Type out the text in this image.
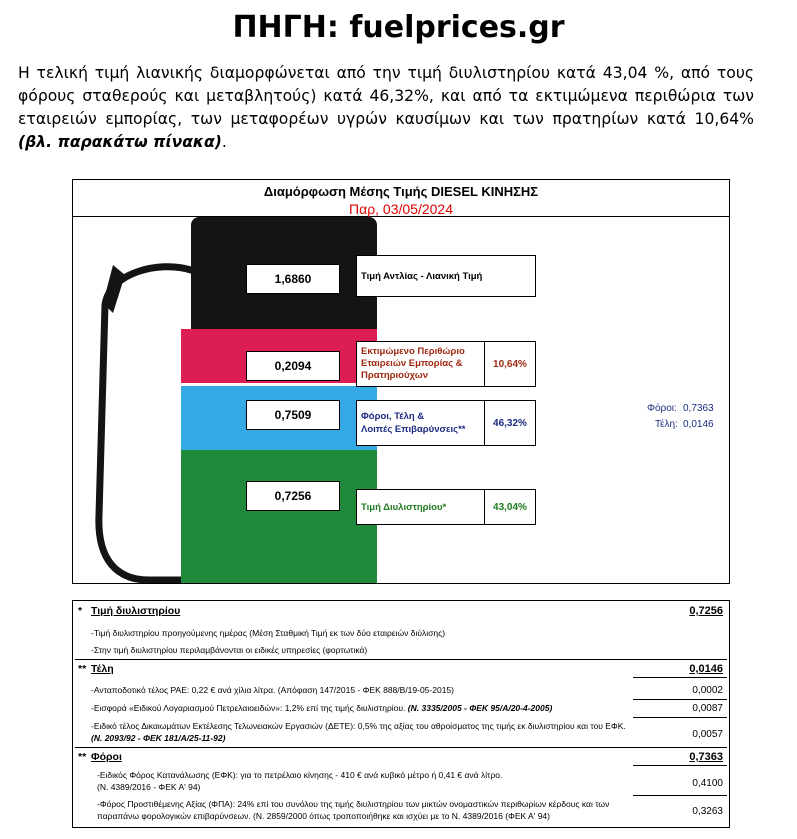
ΠΗΓΗ: fuelprices.gr
Η τελική τιμή λιανικής διαμορφώνεται από την τιμή διυλιστηρίου κατά 43,04 %, από τους φόρους σταθερούς και μεταβλητούς) κατά 46,32%, και από τα εκτιμώμενα περιθώρια των εταιρειών εμπορίας, των μεταφορέων υγρών καυσίμων και των πρατηρίων κατά 10,64% (βλ. παρακάτω πίνακα).
Διαμόρφωση Μέσης Τιμής DIESEL ΚΙΝΗΣΗΣ
Παρ, 03/05/2024
1,6860
0,2094
0,7509
0,7256
Τιμή Αντλίας - Λιανική Τιμή
Εκτιμώμενο Περιθώριο
Εταιρειών Εμπορίας &
Πρατηριούχων
10,64%
Φόροι, Τέλη &
Λοιπές Επιβαρύνσεις**
46,32%
Τιμή Διυλιστηρίου*	43,04%
Φόροι: 0,7363
Τέλη: 0,0146
* Τιμή διυλιστηρίου	0,7256
-Τιμή διυλιστηρίου προηγούμενης ημέρας (Μέση Σταθμική Τιμή εκ των δύο εταιρειών διύλισης)
-Στην τιμή διυλιστηρίου περιλαμβάνονται οι ειδικές υπηρεσίες (φορτωτικά)
** Τέλη	0,0146
-Ανταποδοτικό τέλος ΡΑΕ: 0,22 € ανά χίλια λίτρα. (Απόφαση 147/2015 - ΦΕΚ 888/Β/19-05-2015)	0,0002
-Εισφορά «Ειδικού Λογαριασμού Πετρελαιοειδών»: 1,2% επί της τιμής διυλιστηρίου. (Ν. 3335/2005 - ΦΕΚ 95/Α/20-4-2005)	0,0087
-Ειδικό τέλος Δικαιωμάτων Εκτέλεσης Τελωνειακών Εργασιών (ΔΕΤΕ): 0,5% της αξίας του αθροίσματος της τιμής εκ διυλιστηρίου και του ΕΦΚ.
(Ν. 2093/92 - ΦΕΚ 181/Α/25-11-92)	0,0057
** Φόροι	0,7363
-Ειδικός Φόρος Κατανάλωσης (ΕΦΚ): για το πετρέλαιο κίνησης - 410 € ανά κυβικό μέτρο ή 0,41 € ανά λίτρο.
(Ν. 4389/2016 - ΦΕΚ Α' 94)	0,4100
-Φόρος Προστιθέμενης Αξίας (ΦΠΑ): 24% επί του συνόλου της τιμής διυλιστηρίου των μικτών ονομαστικών περιθωρίων κέρδους και των
παραπάνω φορολογικών επιβαρύνσεων. (Ν. 2859/2000 όπως τροποποιήθηκε και ισχύει με το Ν. 4389/2016 (ΦΕΚ Α' 94)	0,3263
